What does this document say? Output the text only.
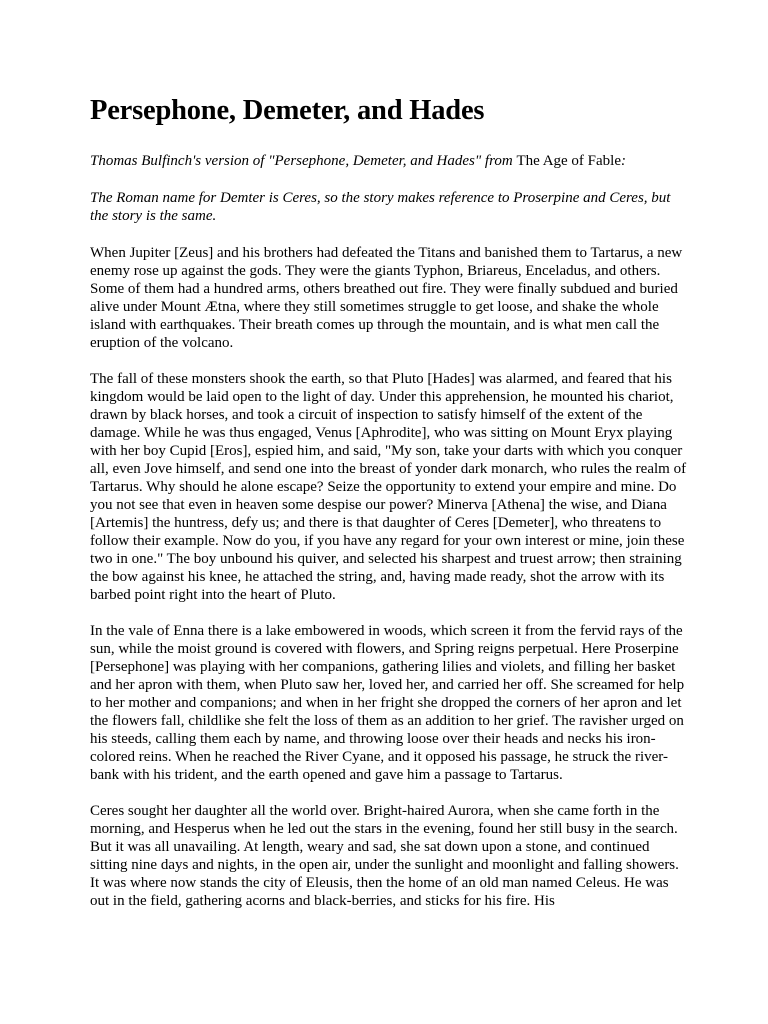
Persephone, Demeter, and Hades

Thomas Bulfinch's version of "Persephone, Demeter, and Hades" from The Age of Fable:

The Roman name for Demter is Ceres, so the story makes reference to Proserpine and Ceres, but the story is the same.

When Jupiter [Zeus] and his brothers had defeated the Titans and banished them to Tartarus, a new enemy rose up against the gods. They were the giants Typhon, Briareus, Enceladus, and others. Some of them had a hundred arms, others breathed out fire. They were finally subdued and buried alive under Mount Ætna, where they still sometimes struggle to get loose, and shake the whole island with earthquakes. Their breath comes up through the mountain, and is what men call the eruption of the volcano.

The fall of these monsters shook the earth, so that Pluto [Hades] was alarmed, and feared that his kingdom would be laid open to the light of day. Under this apprehension, he mounted his chariot, drawn by black horses, and took a circuit of inspection to satisfy himself of the extent of the damage. While he was thus engaged, Venus [Aphrodite], who was sitting on Mount Eryx playing with her boy Cupid [Eros], espied him, and said, "My son, take your darts with which you conquer all, even Jove himself, and send one into the breast of yonder dark monarch, who rules the realm of Tartarus. Why should he alone escape? Seize the opportunity to extend your empire and mine. Do you not see that even in heaven some despise our power? Minerva [Athena] the wise, and Diana [Artemis] the huntress, defy us; and there is that daughter of Ceres [Demeter], who threatens to follow their example. Now do you, if you have any regard for your own interest or mine, join these two in one." The boy unbound his quiver, and selected his sharpest and truest arrow; then straining the bow against his knee, he attached the string, and, having made ready, shot the arrow with its barbed point right into the heart of Pluto.

In the vale of Enna there is a lake embowered in woods, which screen it from the fervid rays of the sun, while the moist ground is covered with flowers, and Spring reigns perpetual. Here Proserpine [Persephone] was playing with her companions, gathering lilies and violets, and filling her basket and her apron with them, when Pluto saw her, loved her, and carried her off. She screamed for help to her mother and companions; and when in her fright she dropped the corners of her apron and let the flowers fall, childlike she felt the loss of them as an addition to her grief. The ravisher urged on his steeds, calling them each by name, and throwing loose over their heads and necks his iron-colored reins. When he reached the River Cyane, and it opposed his passage, he struck the river-bank with his trident, and the earth opened and gave him a passage to Tartarus.

Ceres sought her daughter all the world over. Bright-haired Aurora, when she came forth in the morning, and Hesperus when he led out the stars in the evening, found her still busy in the search. But it was all unavailing. At length, weary and sad, she sat down upon a stone, and continued sitting nine days and nights, in the open air, under the sunlight and moonlight and falling showers. It was where now stands the city of Eleusis, then the home of an old man named Celeus. He was out in the field, gathering acorns and black-berries, and sticks for his fire. His
